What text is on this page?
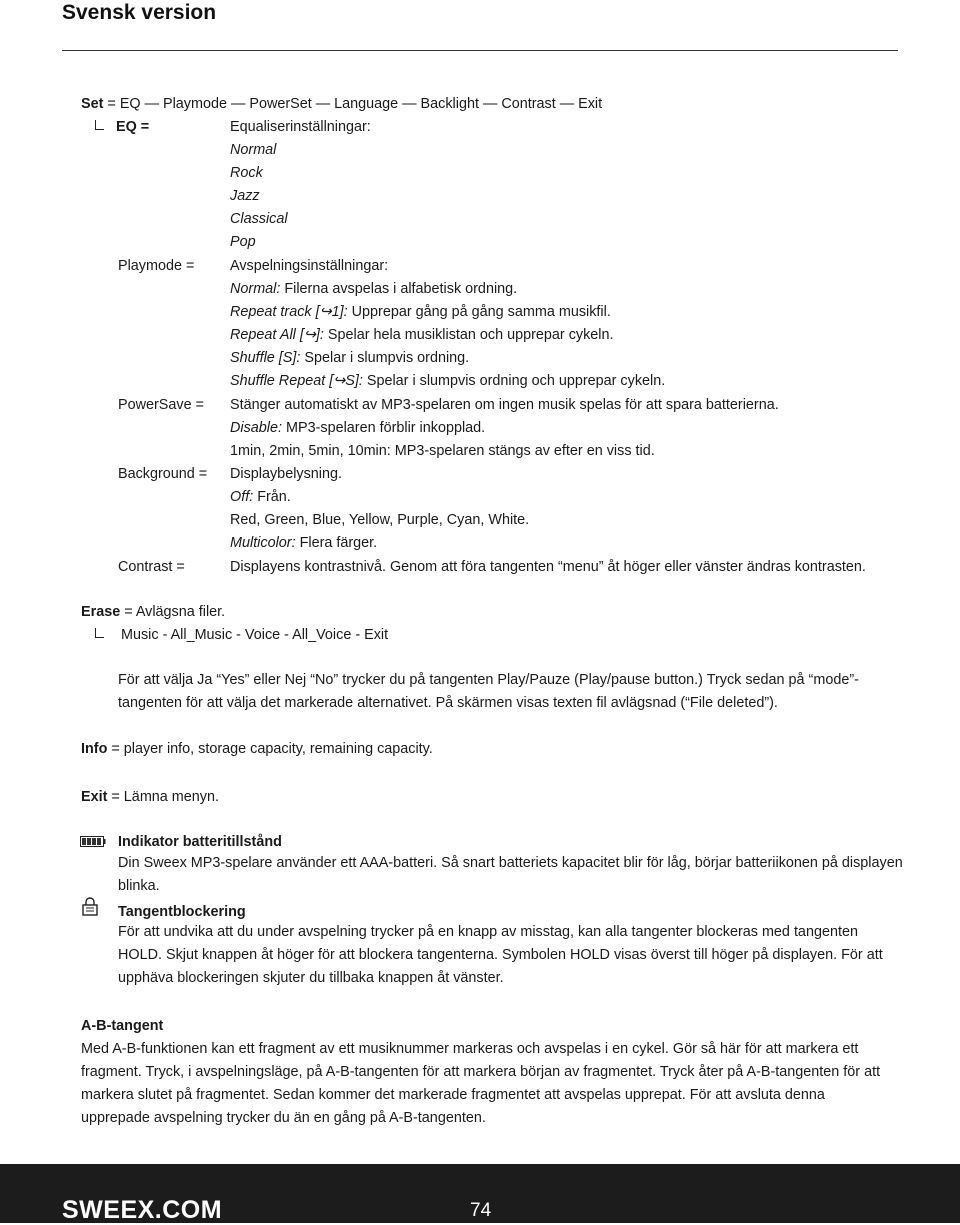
Svensk version
Set = EQ — Playmode — PowerSet — Language — Backlight — Contrast — Exit
EQ =	Equaliserinställningar:
Normal
Rock
Jazz
Classical
Pop
Playmode = Avspelningsinställningar:
Normal: Filerna avspelas i alfabetisk ordning.
Repeat track [↪1]: Upprepar gång på gång samma musikfil.
Repeat All [↪]: Spelar hela musiklistan och upprepar cykeln.
Shuffle [S]: Spelar i slumpvis ordning.
Shuffle Repeat [↪S]: Spelar i slumpvis ordning och upprepar cykeln.
PowerSave = Stänger automatiskt av MP3-spelaren om ingen musik spelas för att spara batterierna.
Disable: MP3-spelaren förblir inkopplad.
1min, 2min, 5min, 10min: MP3-spelaren stängs av efter en viss tid.
Background = Displaybelysning.
Off: Från.
Red, Green, Blue, Yellow, Purple, Cyan, White.
Multicolor: Flera färger.
Contrast =	Displayens kontrastnivå. Genom att föra tangenten “menu” åt höger eller vänster ändras kontrasten.
Erase = Avlägsna filer.
Music - All_Music - Voice - All_Voice - Exit
För att välja Ja “Yes” eller Nej “No” trycker du på tangenten Play/Pauze (Play/pause button.) Tryck sedan på “mode”-tangenten för att välja det markerade alternativet. På skärmen visas texten fil avlägsnad (“File deleted”).
Info = player info, storage capacity, remaining capacity.
Exit = Lämna menyn.
Indikator batteritillstånd
Din Sweex MP3-spelare använder ett AAA-batteri. Så snart batteriets kapacitet blir för låg, börjar batteriikonen på displayen blinka.
Tangentblockering
För att undvika att du under avspelning trycker på en knapp av misstag, kan alla tangenter blockeras med tangenten HOLD. Skjut knappen åt höger för att blockera tangenterna. Symbolen HOLD visas överst till höger på displayen. För att upphäva blockeringen skjuter du tillbaka knappen åt vänster.
A-B-tangent
Med A-B-funktionen kan ett fragment av ett musiknummer markeras och avspelas i en cykel. Gör så här för att markera ett fragment. Tryck, i avspelningsläge, på A-B-tangenten för att markera början av fragmentet. Tryck åter på A-B-tangenten för att markera slutet på fragmentet. Sedan kommer det markerade fragmentet att avspelas upprepat. För att avsluta denna upprepade avspelning trycker du än en gång på A-B-tangenten.
SWEEX.COM	74
